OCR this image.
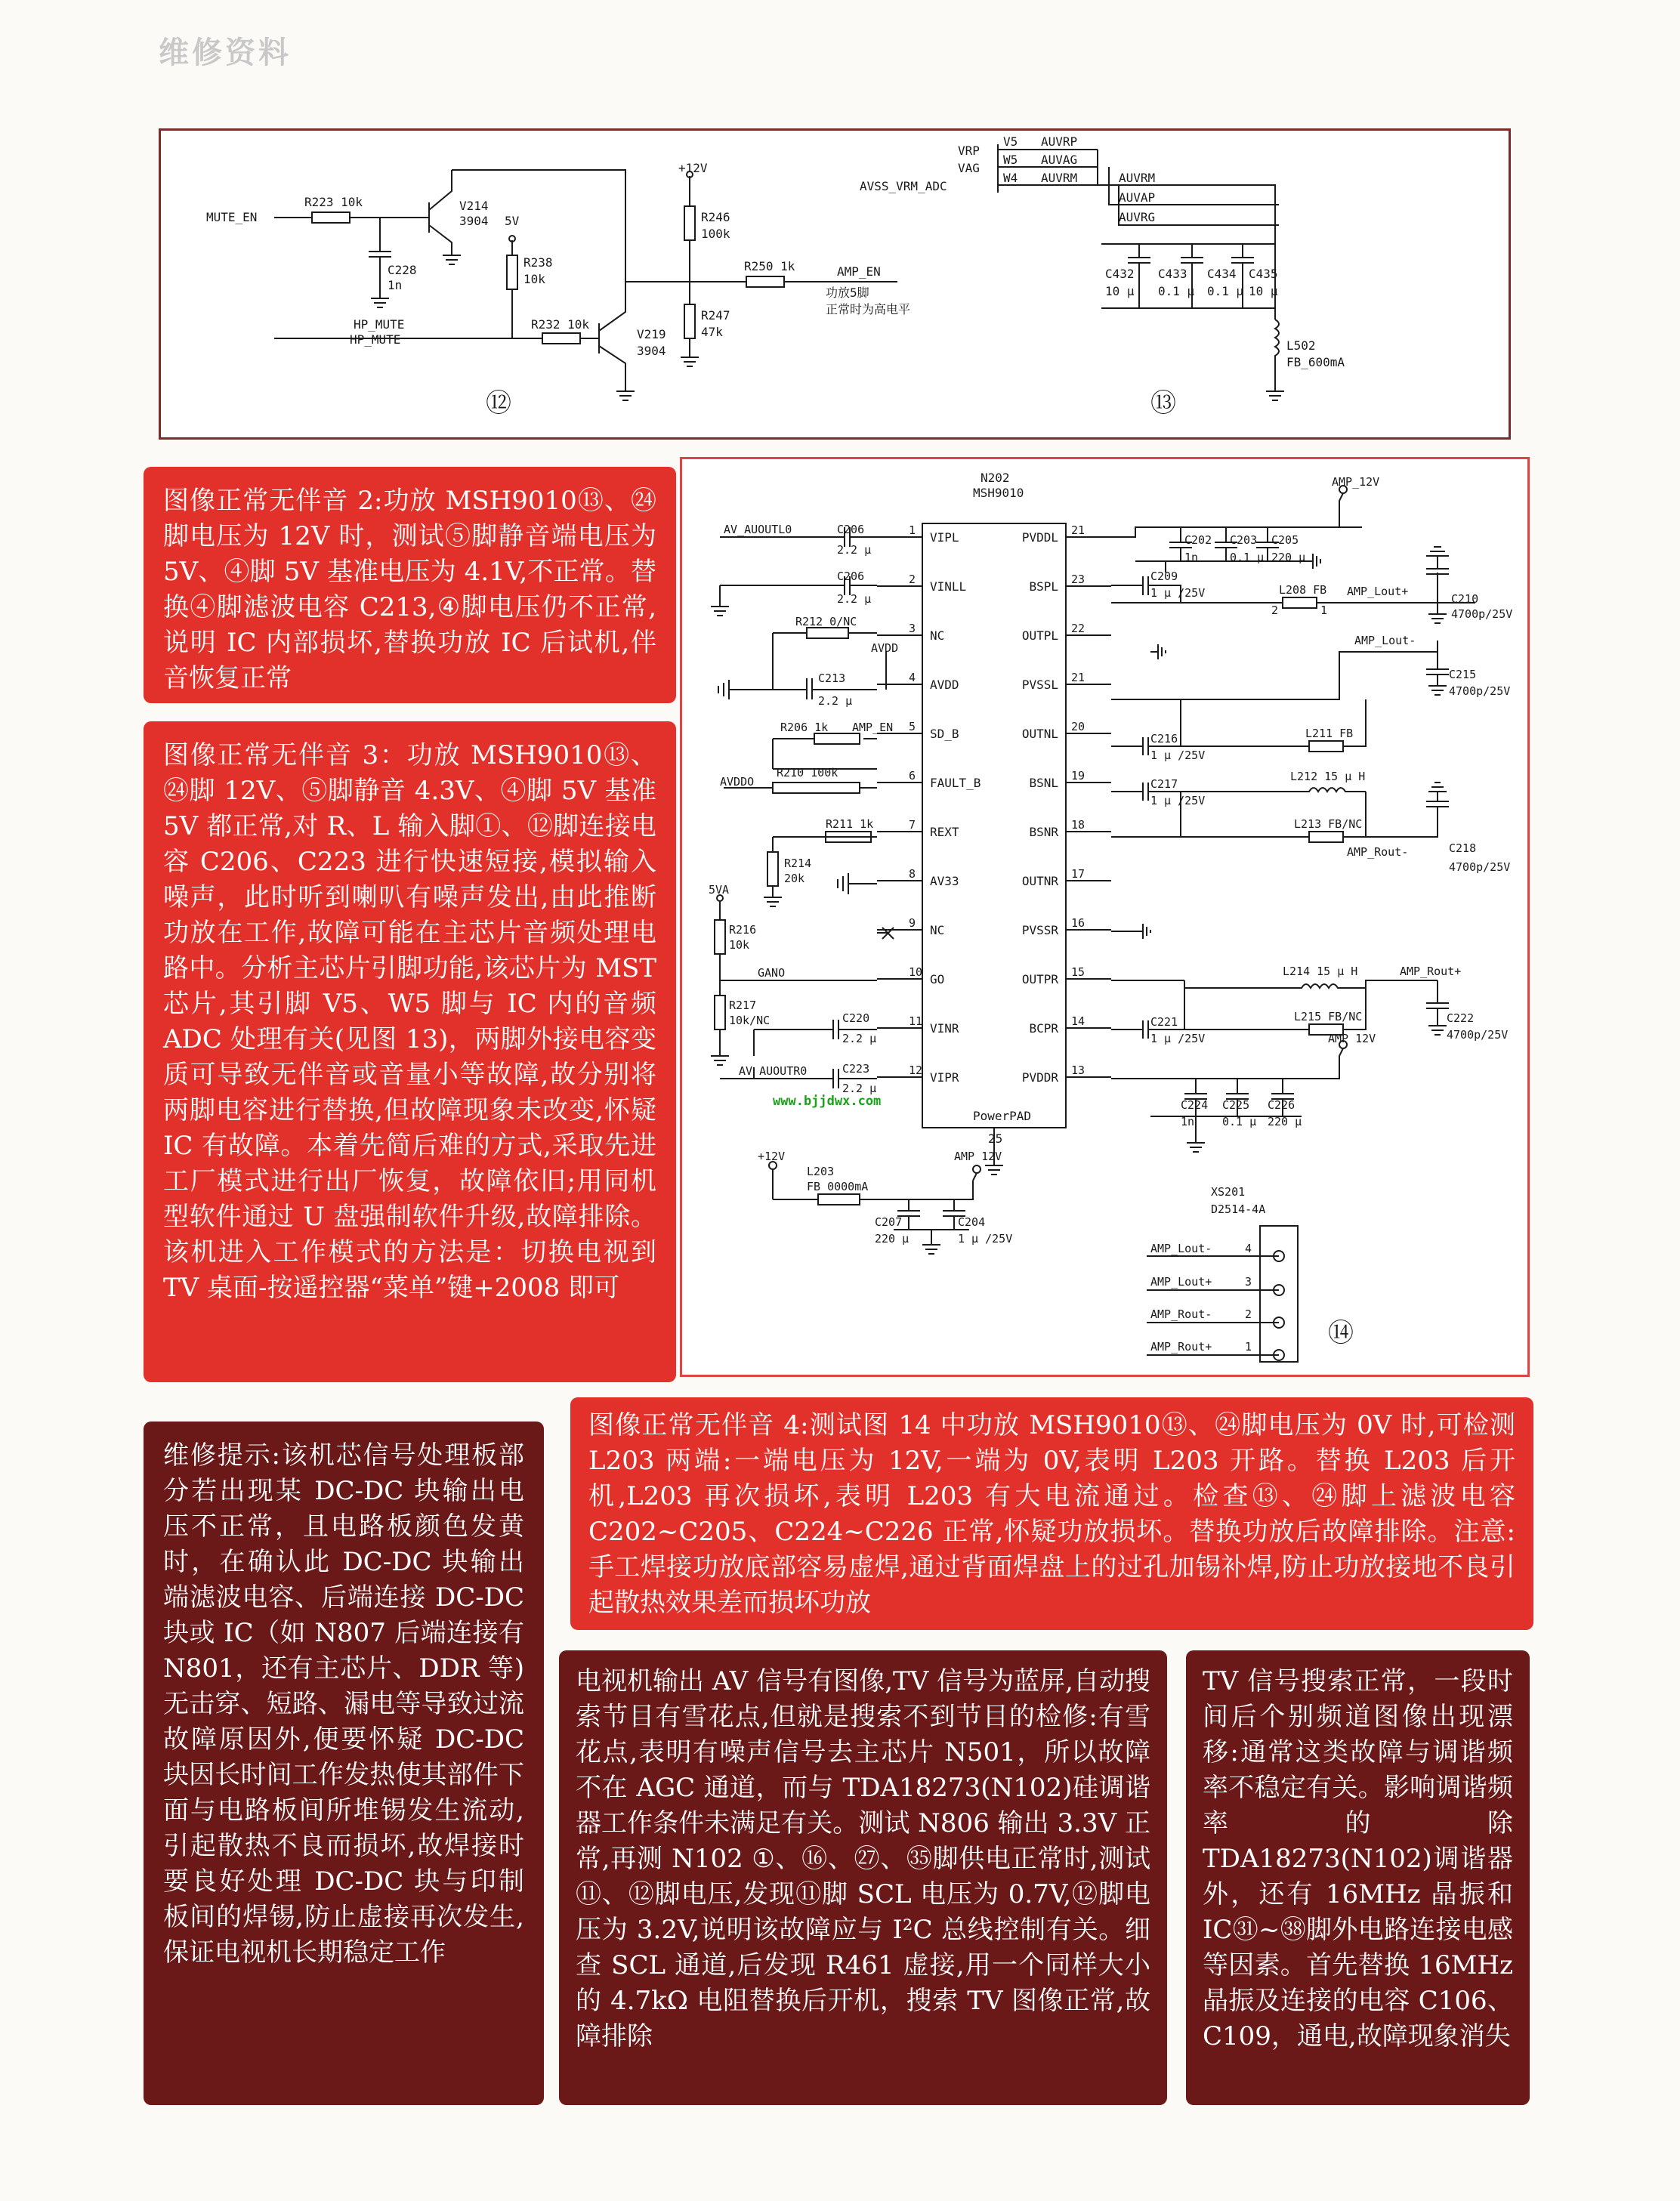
维修资料
MUTE_EN
R223 10k
C228
1n
V214
3904 5V
R238
10k
HP_MUTE
HP_MUTE
R232 10k
V219
3904
+12V
R246
100k
R250 1k	AMP_EN
功放5脚
正常时为高电平
R247
47k
⑫
VRP
VAG
AVSS_VRM_ADC
V5
W5
W4
AUVRP
AUVAG
AUVRM	AUVRM
AUVAP
AUVRG
C432
10 μ
C433
0.1 μ
C434
0.1 μ
C435
10 μ
L502
FB_600mA
⑬
N202
MSH9010
PowerPAD
25
1 VIPL
2 VINLL
3 NC
4 AVDD
5 SD_B
6 FAULT_B
7 REXT
8 AV33
9 NC
10 GO
11 VINR
12 VIPR
21
PVDDL
23
BSPL
22
OUTPL
21
PVSSL
20
OUTNL
19
BSNL
18
BSNR
17
OUTNR
16
PVSSR
15
OUTPR
14
BCPR
13
PVDDR
AV_AUOUTL0	C206
2.2 μ
C206
2.2 μ
R212 0/NC
AVDD
C213
2.2 μ
R206 1k AMP_EN
AVDDO
R210 100k
R211 1k
R214
20k
5VA
R216
10k
GANO
R217
10k/NC	C220
2.2 μ
AV AUOUTR0	C223
2.2 μ
www.bjjdwx.com
AMP_12V
C202
1n
C203
0.1 μ
C205
220 μ
C209
1 μ /25V	C210
4700p/25V
L208 FB AMP_Lout+
2	1
AMP_Lout-
C215
4700p/25V
C216
1 μ /25V
L211 FB
C217
1 μ /25V
L212 15 μ H
L213 FB/NC
AMP_Rout-	C218
4700p/25V
L214 15 μ H	AMP_Rout+
C221
1 μ /25V
L215 FB/NC	C222
4700p/25V
AMP 12V
C224
1n
C225
0.1 μ
C226
220 μ
+12V
L203
FB 0000mA
AMP 12V
C207
220 μ
C204
1 μ /25V
XS201
D2514-4A
AMP_Lout-	4
AMP_Lout+	3
AMP_Rout-	2
AMP_Rout+	1	⑭

图像正常无伴音 2:功放 MSH9010⑬、㉔脚电压为 12V 时，测试⑤脚静音端电压为 5V、④脚 5V 基准电压为 4.1V,不正常。替换④脚滤波电容 C213,④脚电压仍不正常,说明 IC 内部损坏,替换功放 IC 后试机,伴音恢复正常

图像正常无伴音 3：功放 MSH9010⑬、㉔脚 12V、⑤脚静音 4.3V、④脚 5V 基准 5V 都正常,对 R、L 输入脚①、⑫脚连接电容 C206、C223 进行快速短接,模拟输入噪声，此时听到喇叭有噪声发出,由此推断功放在工作,故障可能在主芯片音频处理电路中。分析主芯片引脚功能,该芯片为 MST 芯片,其引脚 V5、W5 脚与 IC 内的音频 ADC 处理有关(见图 13)，两脚外接电容变质可导致无伴音或音量小等故障,故分别将两脚电容进行替换,但故障现象未改变,怀疑 IC 有故障。本着先简后难的方式,采取先进工厂模式进行出厂恢复，故障依旧;用同机型软件通过 U 盘强制软件升级,故障排除。该机进入工作模式的方法是：切换电视到 TV 桌面-按遥控器“菜单”键+2008 即可

图像正常无伴音 4:测试图 14 中功放 MSH9010⑬、㉔脚电压为 0V 时,可检测 L203 两端:一端电压为 12V,一端为 0V,表明 L203 开路。替换 L203 后开机,L203 再次损坏,表明 L203 有大电流通过。检查⑬、㉔脚上滤波电容 C202~C205、C224~C226 正常,怀疑功放损坏。替换功放后故障排除。注意:手工焊接功放底部容易虚焊,通过背面焊盘上的过孔加锡补焊,防止功放接地不良引起散热效果差而损坏功放

维修提示:该机芯信号处理板部分若出现某 DC-DC 块输出电压不正常，且电路板颜色发黄时，在确认此 DC-DC 块输出端滤波电容、后端连接 DC-DC 块或 IC（如 N807 后端连接有 N801，还有主芯片、DDR 等)无击穿、短路、漏电等导致过流故障原因外,便要怀疑 DC-DC 块因长时间工作发热使其部件下面与电路板间所堆锡发生流动,引起散热不良而损坏,故焊接时要良好处理 DC-DC 块与印制板间的焊锡,防止虚接再次发生,保证电视机长期稳定工作

电视机输出 AV 信号有图像,TV 信号为蓝屏,自动搜索节目有雪花点,但就是搜索不到节目的检修:有雪花点,表明有噪声信号去主芯片 N501，所以故障不在 AGC 通道，而与 TDA18273(N102)硅调谐器工作条件未满足有关。测试 N806 输出 3.3V 正常,再测 N102 ①、⑯、㉗、㉟脚供电正常时,测试⑪、⑫脚电压,发现⑪脚 SCL 电压为 0.7V,⑫脚电压为 3.2V,说明该故障应与 I²C 总线控制有关。细查 SCL 通道,后发现 R461 虚接,用一个同样大小的 4.7kΩ 电阻替换后开机，搜索 TV 图像正常,故障排除

TV 信号搜索正常，一段时间后个别频道图像出现漂移:通常这类故障与调谐频率不稳定有关。影响调谐频率的除 TDA18273(N102)调谐器外，还有 16MHz 晶振和 IC㉛~㊳脚外电路连接电感等因素。首先替换 16MHz 晶振及连接的电容 C106、C109，通电,故障现象消失
